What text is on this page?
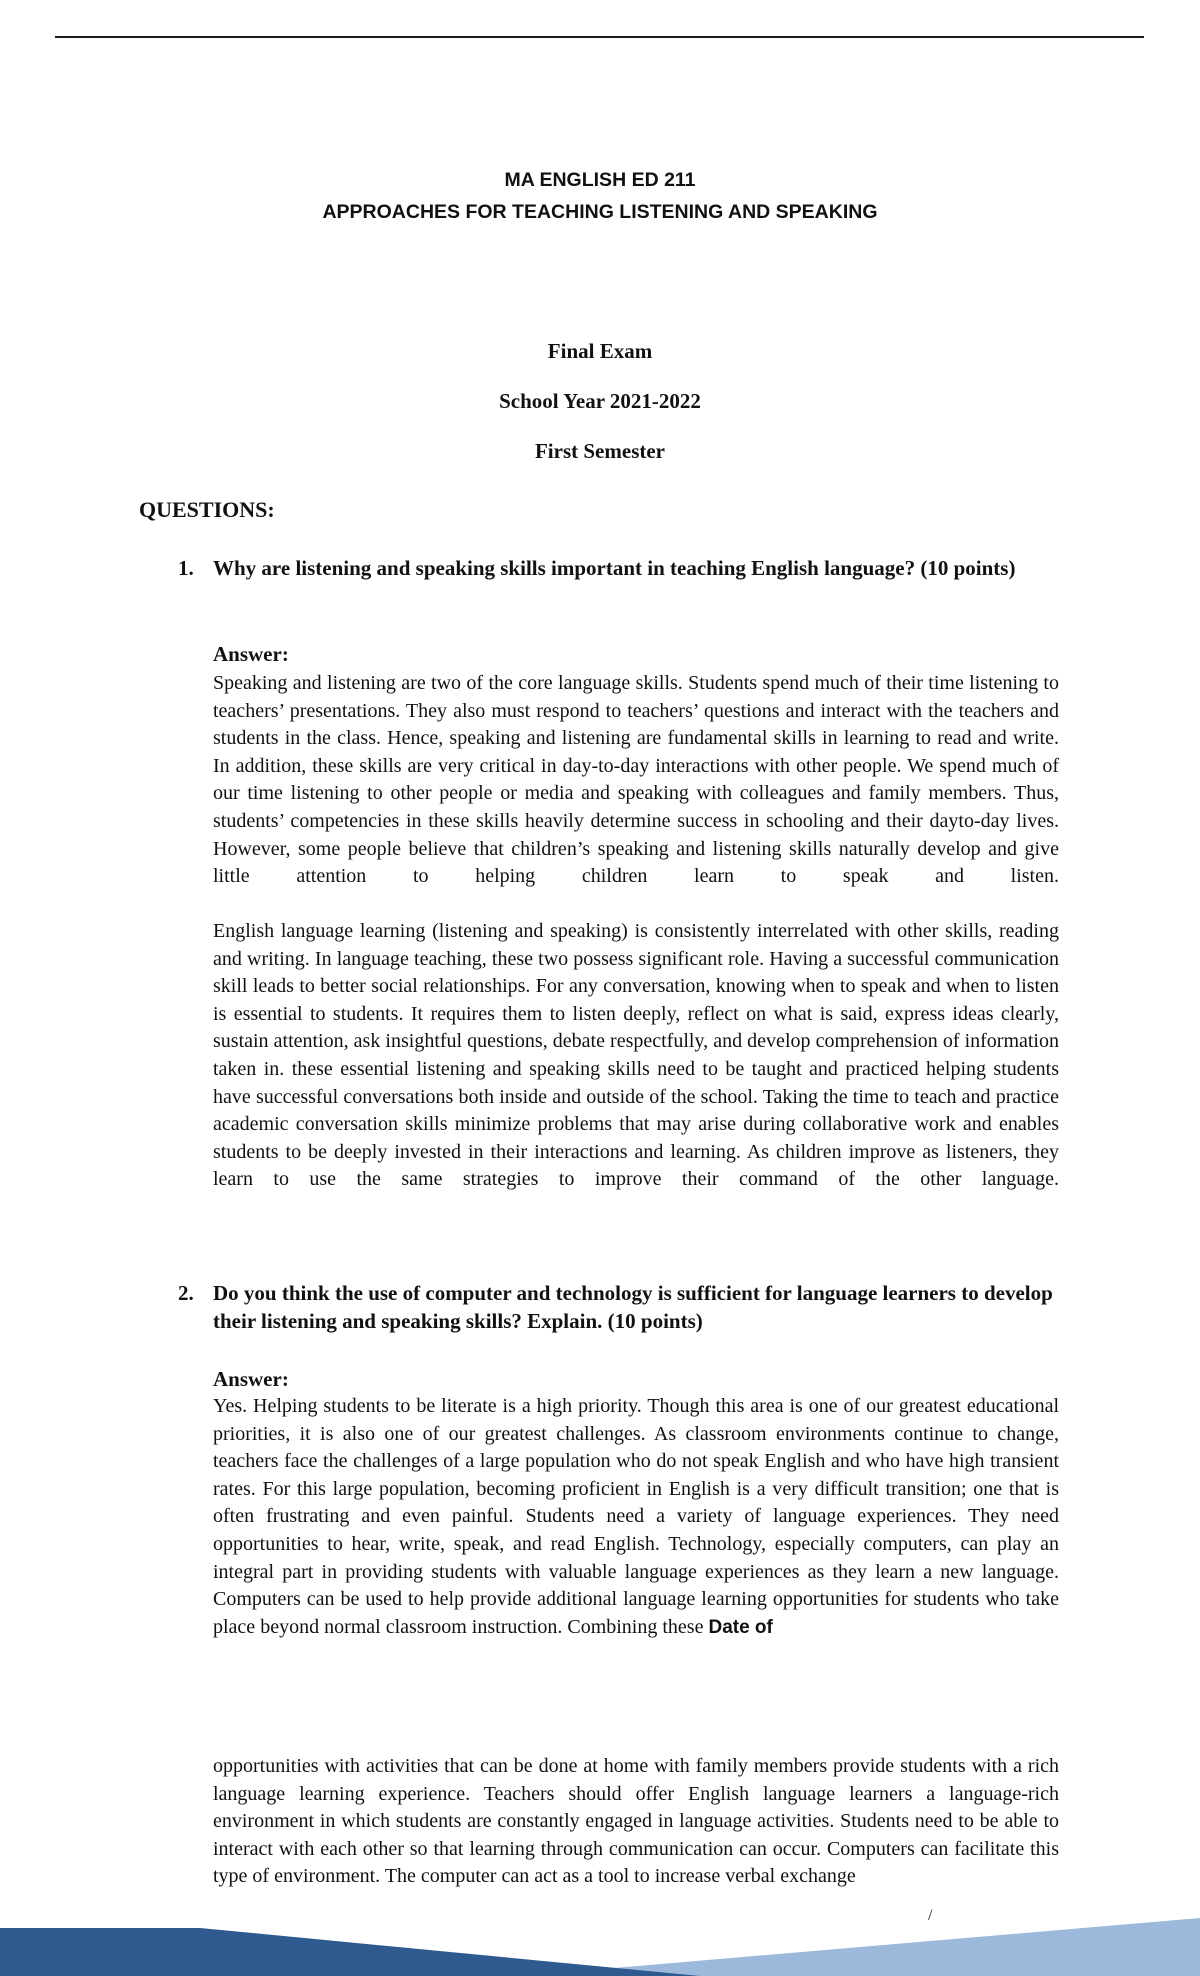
MA ENGLISH ED 211
APPROACHES FOR TEACHING LISTENING AND SPEAKING
Final Exam
School Year 2021-2022
First Semester
QUESTIONS:
1. Why are listening and speaking skills important in teaching English language? (10 points)
Answer:
Speaking and listening are two of the core language skills. Students spend much of their time listening to teachers’ presentations. They also must respond to teachers’ questions and interact with the teachers and students in the class. Hence, speaking and listening are fundamental skills in learning to read and write. In addition, these skills are very critical in day-to-day interactions with other people. We spend much of our time listening to other people or media and speaking with colleagues and family members. Thus, students’ competencies in these skills heavily determine success in schooling and their dayto-day lives. However, some people believe that children’s speaking and listening skills naturally develop and give little attention to helping children learn to speak and listen.
English language learning (listening and speaking) is consistently interrelated with other skills, reading and writing. In language teaching, these two possess significant role. Having a successful communication skill leads to better social relationships. For any conversation, knowing when to speak and when to listen is essential to students. It requires them to listen deeply, reflect on what is said, express ideas clearly, sustain attention, ask insightful questions, debate respectfully, and develop comprehension of information taken in. these essential listening and speaking skills need to be taught and practiced helping students have successful conversations both inside and outside of the school. Taking the time to teach and practice academic conversation skills minimize problems that may arise during collaborative work and enables students to be deeply invested in their interactions and learning. As children improve as listeners, they learn to use the same strategies to improve their command of the other language.
2. Do you think the use of computer and technology is sufficient for language learners to develop their listening and speaking skills? Explain. (10 points)
Answer:
Yes. Helping students to be literate is a high priority. Though this area is one of our greatest educational priorities, it is also one of our greatest challenges. As classroom environments continue to change, teachers face the challenges of a large population who do not speak English and who have high transient rates. For this large population, becoming proficient in English is a very difficult transition; one that is often frustrating and even painful. Students need a variety of language experiences. They need opportunities to hear, write, speak, and read English. Technology, especially computers, can play an integral part in providing students with valuable language experiences as they learn a new language. Computers can be used to help provide additional language learning opportunities for students who take place beyond normal classroom instruction. Combining these Date of
opportunities with activities that can be done at home with family members provide students with a rich language learning experience. Teachers should offer English language learners a language-rich environment in which students are constantly engaged in language activities. Students need to be able to interact with each other so that learning through communication can occur. Computers can facilitate this type of environment. The computer can act as a tool to increase verbal exchange
/
